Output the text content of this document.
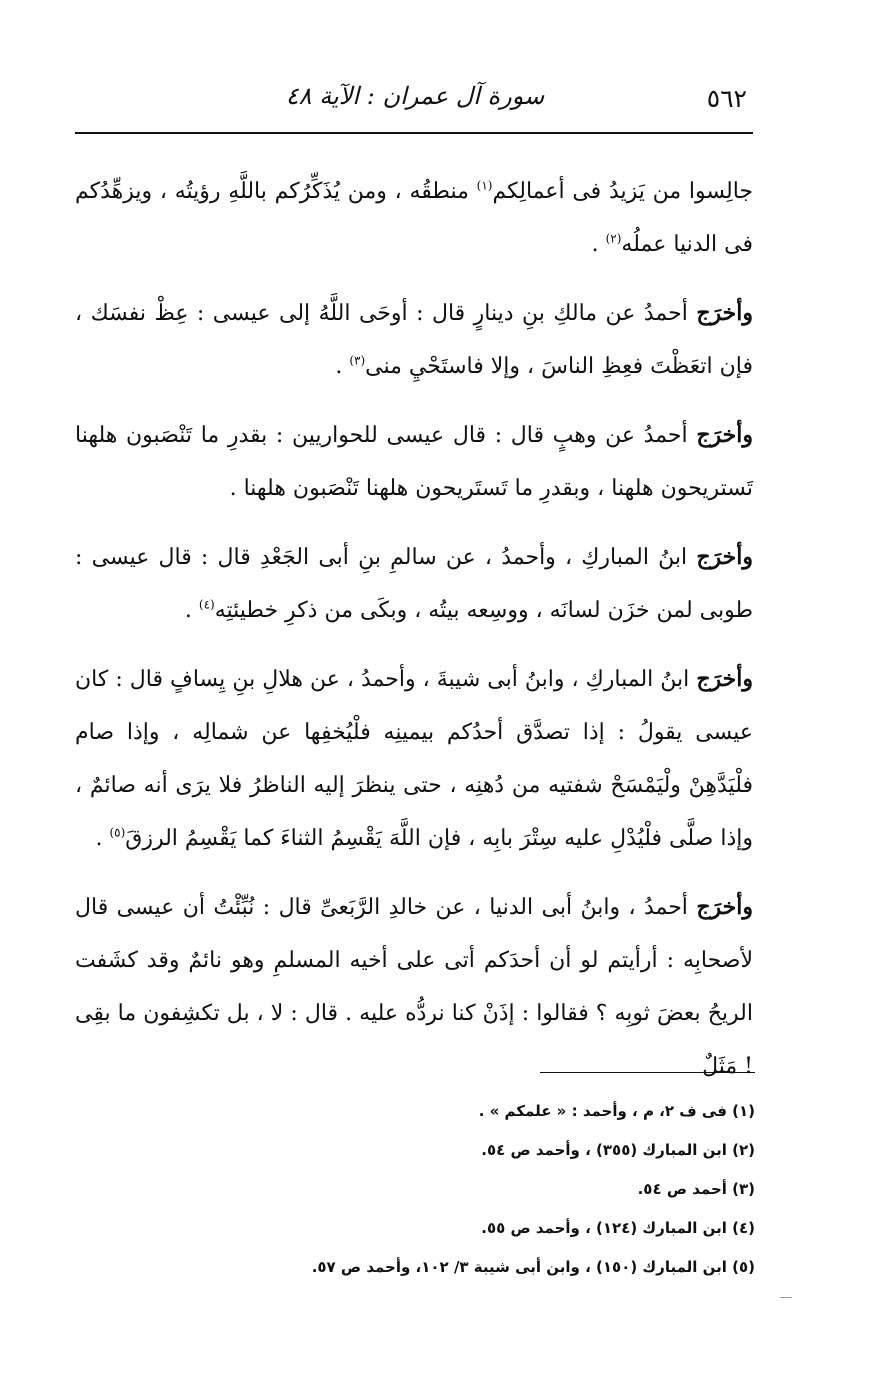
٥٦٢
سورة آل عمران : الآية ٤٨

جالِسوا من يَزيدُ فى أعمالِكم$^{(١)}$ منطقُه ، ومن يُذَكِّرُكم باللَّهِ رؤيتُه ، ويزهِّدُكم فى الدنيا عملُه$^{(٢)}$ .

وأخرَج أحمدُ عن مالكِ بنِ دينارٍ قال : أوحَى اللَّهُ إلى عيسى : عِظْ نفسَك ، فإن اتعَظْتَ فعِظِ الناسَ ، وإلا فاستَحْيِ منى$^{(٣)}$ .

وأخرَج أحمدُ عن وهبٍ قال : قال عيسى للحواريين : بقدرِ ما تَنْصَبون هلهنا تَستريحون هلهنا ، وبقدرِ ما تَستَريحون هلهنا تَنْصَبون هلهنا .

وأخرَج ابنُ المباركِ ، وأحمدُ ، عن سالمِ بنِ أبى الجَعْدِ قال : قال عيسى : طوبى لمن خزَن لسانَه ، ووسِعه بيتُه ، وبكَى من ذكرِ خطيئتِه$^{(٤)}$ .

وأخرَج ابنُ المباركِ ، وابنُ أبى شيبةَ ، وأحمدُ ، عن هلالِ بنِ يِسافٍ قال : كان عيسى يقولُ : إذا تصدَّق أحدُكم بيمينِه فلْيُخفِها عن شمالِه ، وإذا صام فلْيَدَّهِنْ ولْيَمْسَحْ شفتيه من دُهنِه ، حتى ينظرَ إليه الناظرُ فلا يرَى أنه صائمٌ ، وإذا صلَّى فلْيُدْلِ عليه سِتْرَ بابِه ، فإن اللَّهَ يَقْسِمُ الثناءَ كما يَقْسِمُ الرزقَ$^{(٥)}$ .

وأخرَج أحمدُ ، وابنُ أبى الدنيا ، عن خالدِ الرَّبَعىِّ قال : نُبِّئْتُ أن عيسى قال لأصحابِه : أرأيتم لو أن أحدَكم أتى على أخيه المسلمِ وهو نائمٌ وقد كشَفت الريحُ بعضَ ثوبِه ؟ فقالوا : إذَنْ كنا نردُّه عليه . قال : لا ، بل تكشِفون ما بقِى ! مَثَلٌ

(١) فى ف ٢، م ، وأحمد : « علمكم » .

(٢) ابن المبارك (٣٥٥) ، وأحمد ص ٥٤.

(٣) أحمد ص ٥٤.

(٤) ابن المبارك (١٢٤) ، وأحمد ص ٥٥.

(٥) ابن المبارك (١٥٠) ، وابن أبى شيبة ٣/ ١٠٢، وأحمد ص ٥٧.
